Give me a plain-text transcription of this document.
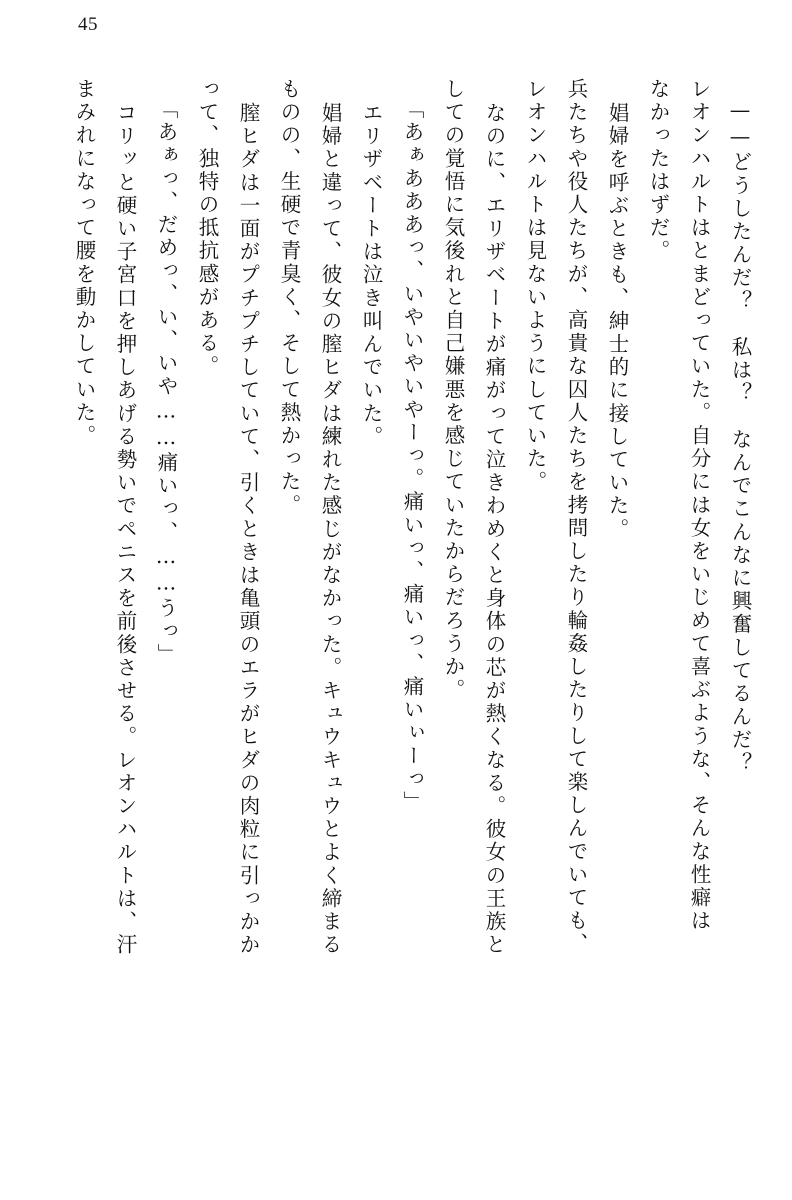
45
——どうしたんだ？　私は？　なんでこんなに興奮してるんだ？
レオンハルトはとまどっていた。自分には女をいじめて喜ぶような、そんな性癖は
なかったはずだ。
娼婦を呼ぶときも、紳士的に接していた。
兵たちや役人たちが、高貴な囚人たちを拷問したり輪姦したりして楽しんでいても、
レオンハルトは見ないようにしていた。
なのに、エリザベートが痛がって泣きわめくと身体の芯が熱くなる。彼女の王族と
しての覚悟に気後れと自己嫌悪を感じていたからだろうか。
「あぁあああっ、いやいやいやーっ。痛いっ、痛いっ、痛いぃーっ」
エリザベートは泣き叫んでいた。
娼婦と違って、彼女の膣ヒダは練れた感じがなかった。キュウキュウとよく締まる
ものの、生硬で青臭く、そして熱かった。
膣ヒダは一面がプチプチしていて、引くときは亀頭のエラがヒダの肉粒に引っかか
って、独特の抵抗感がある。
「あぁっ、だめっ、い、いや……痛いっ、……うっ」
コリッと硬い子宮口を押しあげる勢いでペニスを前後させる。レオンハルトは、汗
まみれになって腰を動かしていた。
